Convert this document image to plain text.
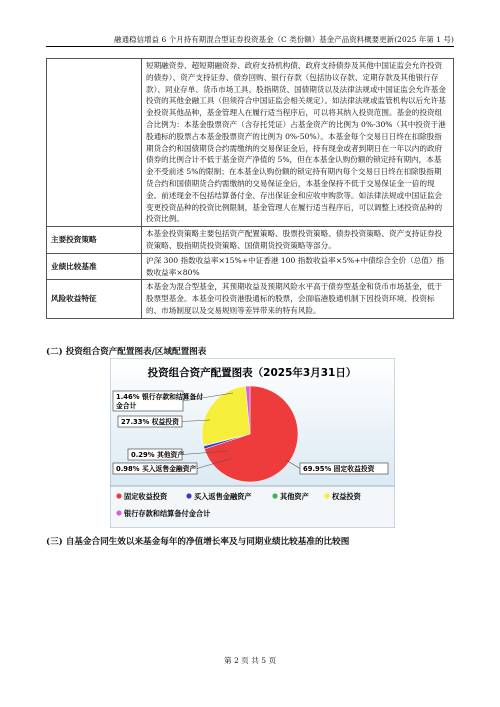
融通稳信增益 6 个月持有期混合型证券投资基金（C 类份额）基金产品资料概要更新(2025 年第 1 号)
	短期融资券、超短期融资券、政府支持机构债、政府支持债券及其他中国证监会允许投资的债券）、资产支持证券、债券回购、银行存款（包括协议存款、定期存款及其他银行存款）、同业存单、货币市场工具、股指期货、国债期货以及法律法规或中国证监会允许基金投资的其他金融工具（但须符合中国证监会相关规定）。如法律法规或监管机构以后允许基金投资其他品种，基金管理人在履行适当程序后，可以将其纳入投资范围。基金的投资组合比例为：本基金股票资产（含存托凭证）占基金资产的比例为 0%-30%（其中投资于港股通标的股票占本基金股票资产的比例为 0%-50%）。本基金每个交易日日终在扣除股指期货合约和国债期货合约需缴纳的交易保证金后，持有现金或者到期日在一年以内的政府债券的比例合计不低于基金资产净值的 5%，但在本基金认购份额的锁定持有期内，本基金不受前述 5%的限制；在本基金认购份额的锁定持有期内每个交易日日终在扣除股指期货合约和国债期货合约需缴纳的交易保证金后，本基金保持不低于交易保证金一倍的现金。前述现金不包括结算备付金、存出保证金和应收申购款等。如法律法规或中国证监会变更投资品种的投资比例限制，基金管理人在履行适当程序后，可以调整上述投资品种的投资比例。
主要投资策略	本基金投资策略主要包括资产配置策略、股票投资策略、债券投资策略、资产支持证券投资策略、股指期货投资策略、国债期货投资策略等部分。
业绩比较基准	沪深 300 指数收益率×15%+中证香港 100 指数收益率×5%+中债综合全价（总值）指数收益率×80%
风险收益特征	本基金为混合型基金，其预期收益及预期风险水平高于债券型基金和货币市场基金，低于股票型基金。本基金可投资港股通标的股票，会面临港股通机制下因投资环境、投资标的、市场制度以及交易规则等差异带来的特有风险。
(二) 投资组合资产配置图表/区域配置图表
投资组合资产配置图表（2025年3月31日）
1.46% 银行存款和结算备付金合计
27.33% 权益投资
0.29% 其他资产
0.98% 买入返售金融资产	69.95% 固定收益投资
固定收益投资	买入返售金融资产	其他资产	权益投资
银行存款和结算备付金合计
(三) 自基金合同生效以来基金每年的净值增长率及与同期业绩比较基准的比较图
第 2 页 共 5 页
